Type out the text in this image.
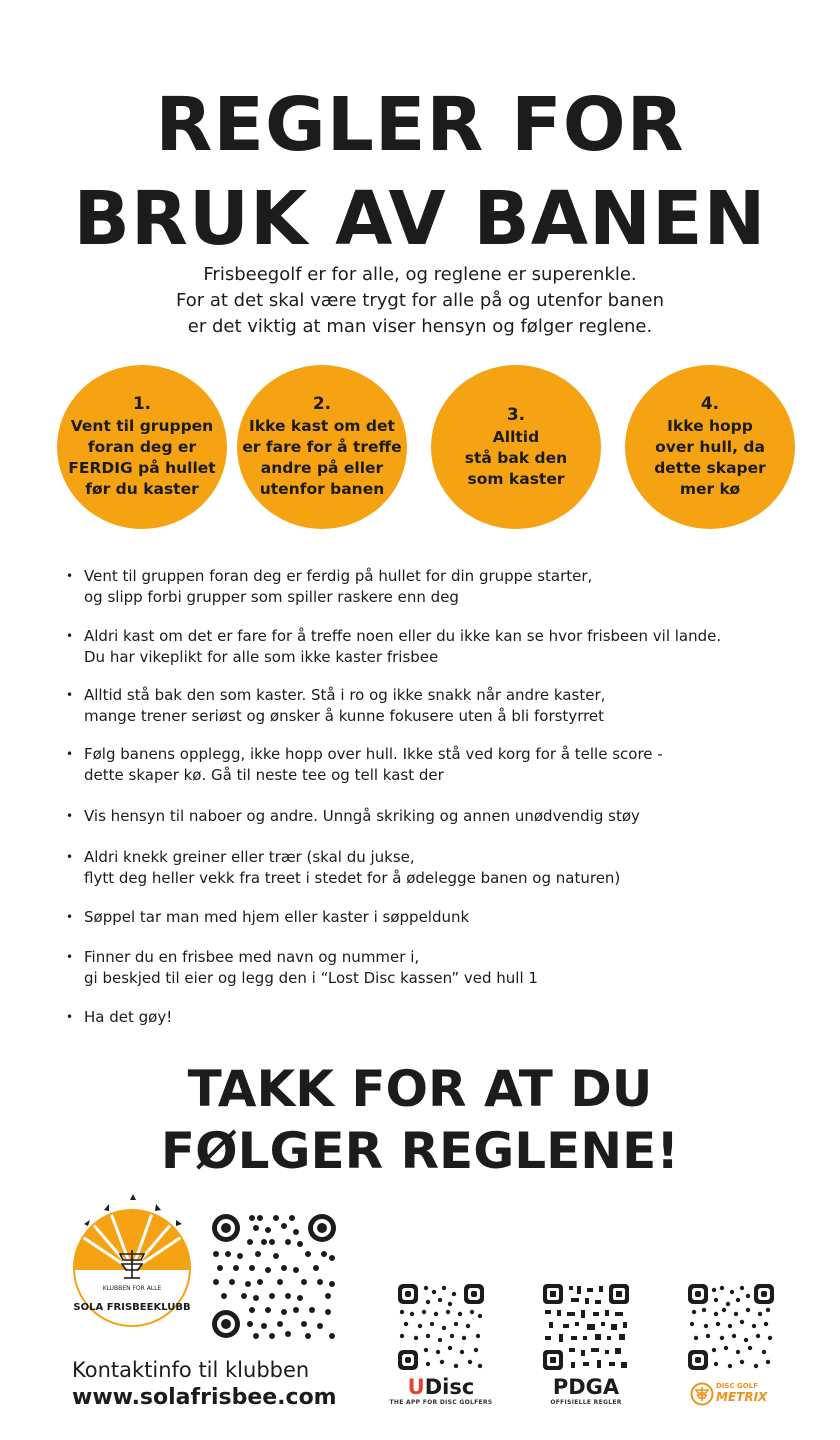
REGLER FOR
BRUK AV BANEN
Frisbeegolf er for alle, og reglene er superenkle.
For at det skal være trygt for alle på og utenfor banen
er det viktig at man viser hensyn og følger reglene.
1.
Vent til gruppen
foran deg er
FERDIG på hullet
før du kaster
2.
Ikke kast om det
er fare for å treffe
andre på eller
utenfor banen
3.
Alltid
stå bak den
som kaster
4.
Ikke hopp
over hull, da
dette skaper
mer kø
• Vent til gruppen foran deg er ferdig på hullet for din gruppe starter,
og slipp forbi grupper som spiller raskere enn deg
• Aldri kast om det er fare for å treffe noen eller du ikke kan se hvor frisbeen vil lande.
Du har vikeplikt for alle som ikke kaster frisbee
• Alltid stå bak den som kaster. Stå i ro og ikke snakk når andre kaster,
mange trener seriøst og ønsker å kunne fokusere uten å bli forstyrret
• Følg banens opplegg, ikke hopp over hull. Ikke stå ved korg for å telle score -
dette skaper kø. Gå til neste tee og tell kast der
• Vis hensyn til naboer og andre. Unngå skriking og annen unødvendig støy
• Aldri knekk greiner eller trær (skal du jukse,
flytt deg heller vekk fra treet i stedet for å ødelegge banen og naturen)
• Søppel tar man med hjem eller kaster i søppeldunk
• Finner du en frisbee med navn og nummer i,
gi beskjed til eier og legg den i “Lost Disc kassen” ved hull 1
• Ha det gøy!
TAKK FOR AT DU
FØLGER REGLENE!
KLUBBEN FOR ALLE
SOLA FRISBEEKLUBB
Kontaktinfo til klubben
www.solafrisbee.com	UDisc
THE APP FOR DISC GOLFERS
PDGA
OFFISIELLE REGLER
DISC GOLF
METRIX
